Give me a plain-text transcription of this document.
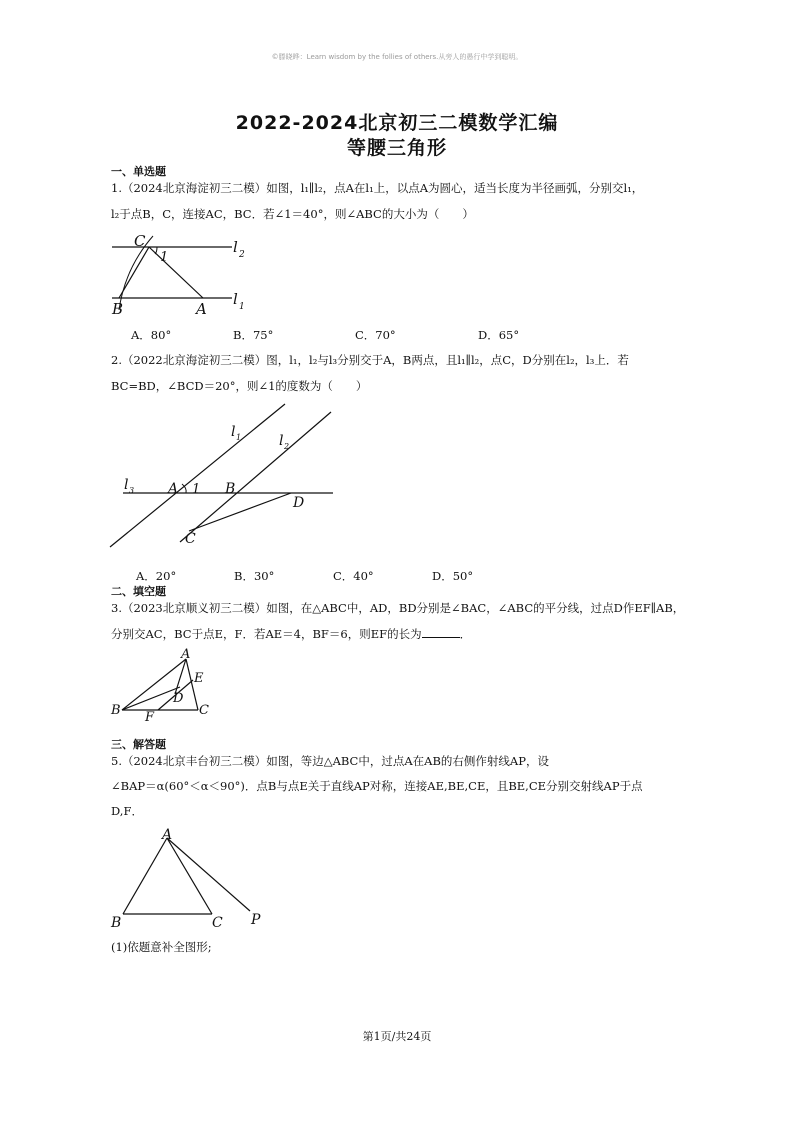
©滕晓晔：Learn wisdom by the follies of others.从旁人的愚行中学到聪明。
2022-2024北京初三二模数学汇编
等腰三角形
一、单选题
1.（2024北京海淀初三二模）如图，l₁∥l₂，点A在l₁上，以点A为圆心，适当长度为半径画弧，分别交l₁，
l₂于点B，C，连接AC，BC．若∠1＝40°，则∠ABC的大小为（　　）
C
1
B	A
l 2
l 1
A．80°	B．75°	C．70°	D．65°
2.（2022北京海淀初三二模）图，l₁，l₂与l₃分别交于A，B两点，且l₁∥l₂，点C，D分别在l₂，l₃上．若
BC=BD，∠BCD＝20°，则∠1的度数为（　　）
l 1	l 2
l 3 A 1 B
D
C
A．20°	B．30°	C．40°	D．50°
二、填空题
3.（2023北京顺义初三二模）如图，在△ABC中，AD，BD分别是∠BAC，∠ABC的平分线，过点D作EF∥AB，
分别交AC，BC于点E，F．若AE＝4，BF＝6，则EF的长为	．
A
E
D
B F	C
三、解答题
5.（2024北京丰台初三二模）如图，等边△ABC中，过点A在AB的右侧作射线AP，设
∠BAP＝α(60°＜α＜90°)．点B与点E关于直线AP对称，连接AE,BE,CE，且BE,CE分别交射线AP于点
D,F．
A
B	C P
(1)依题意补全图形;
第1页/共24页
